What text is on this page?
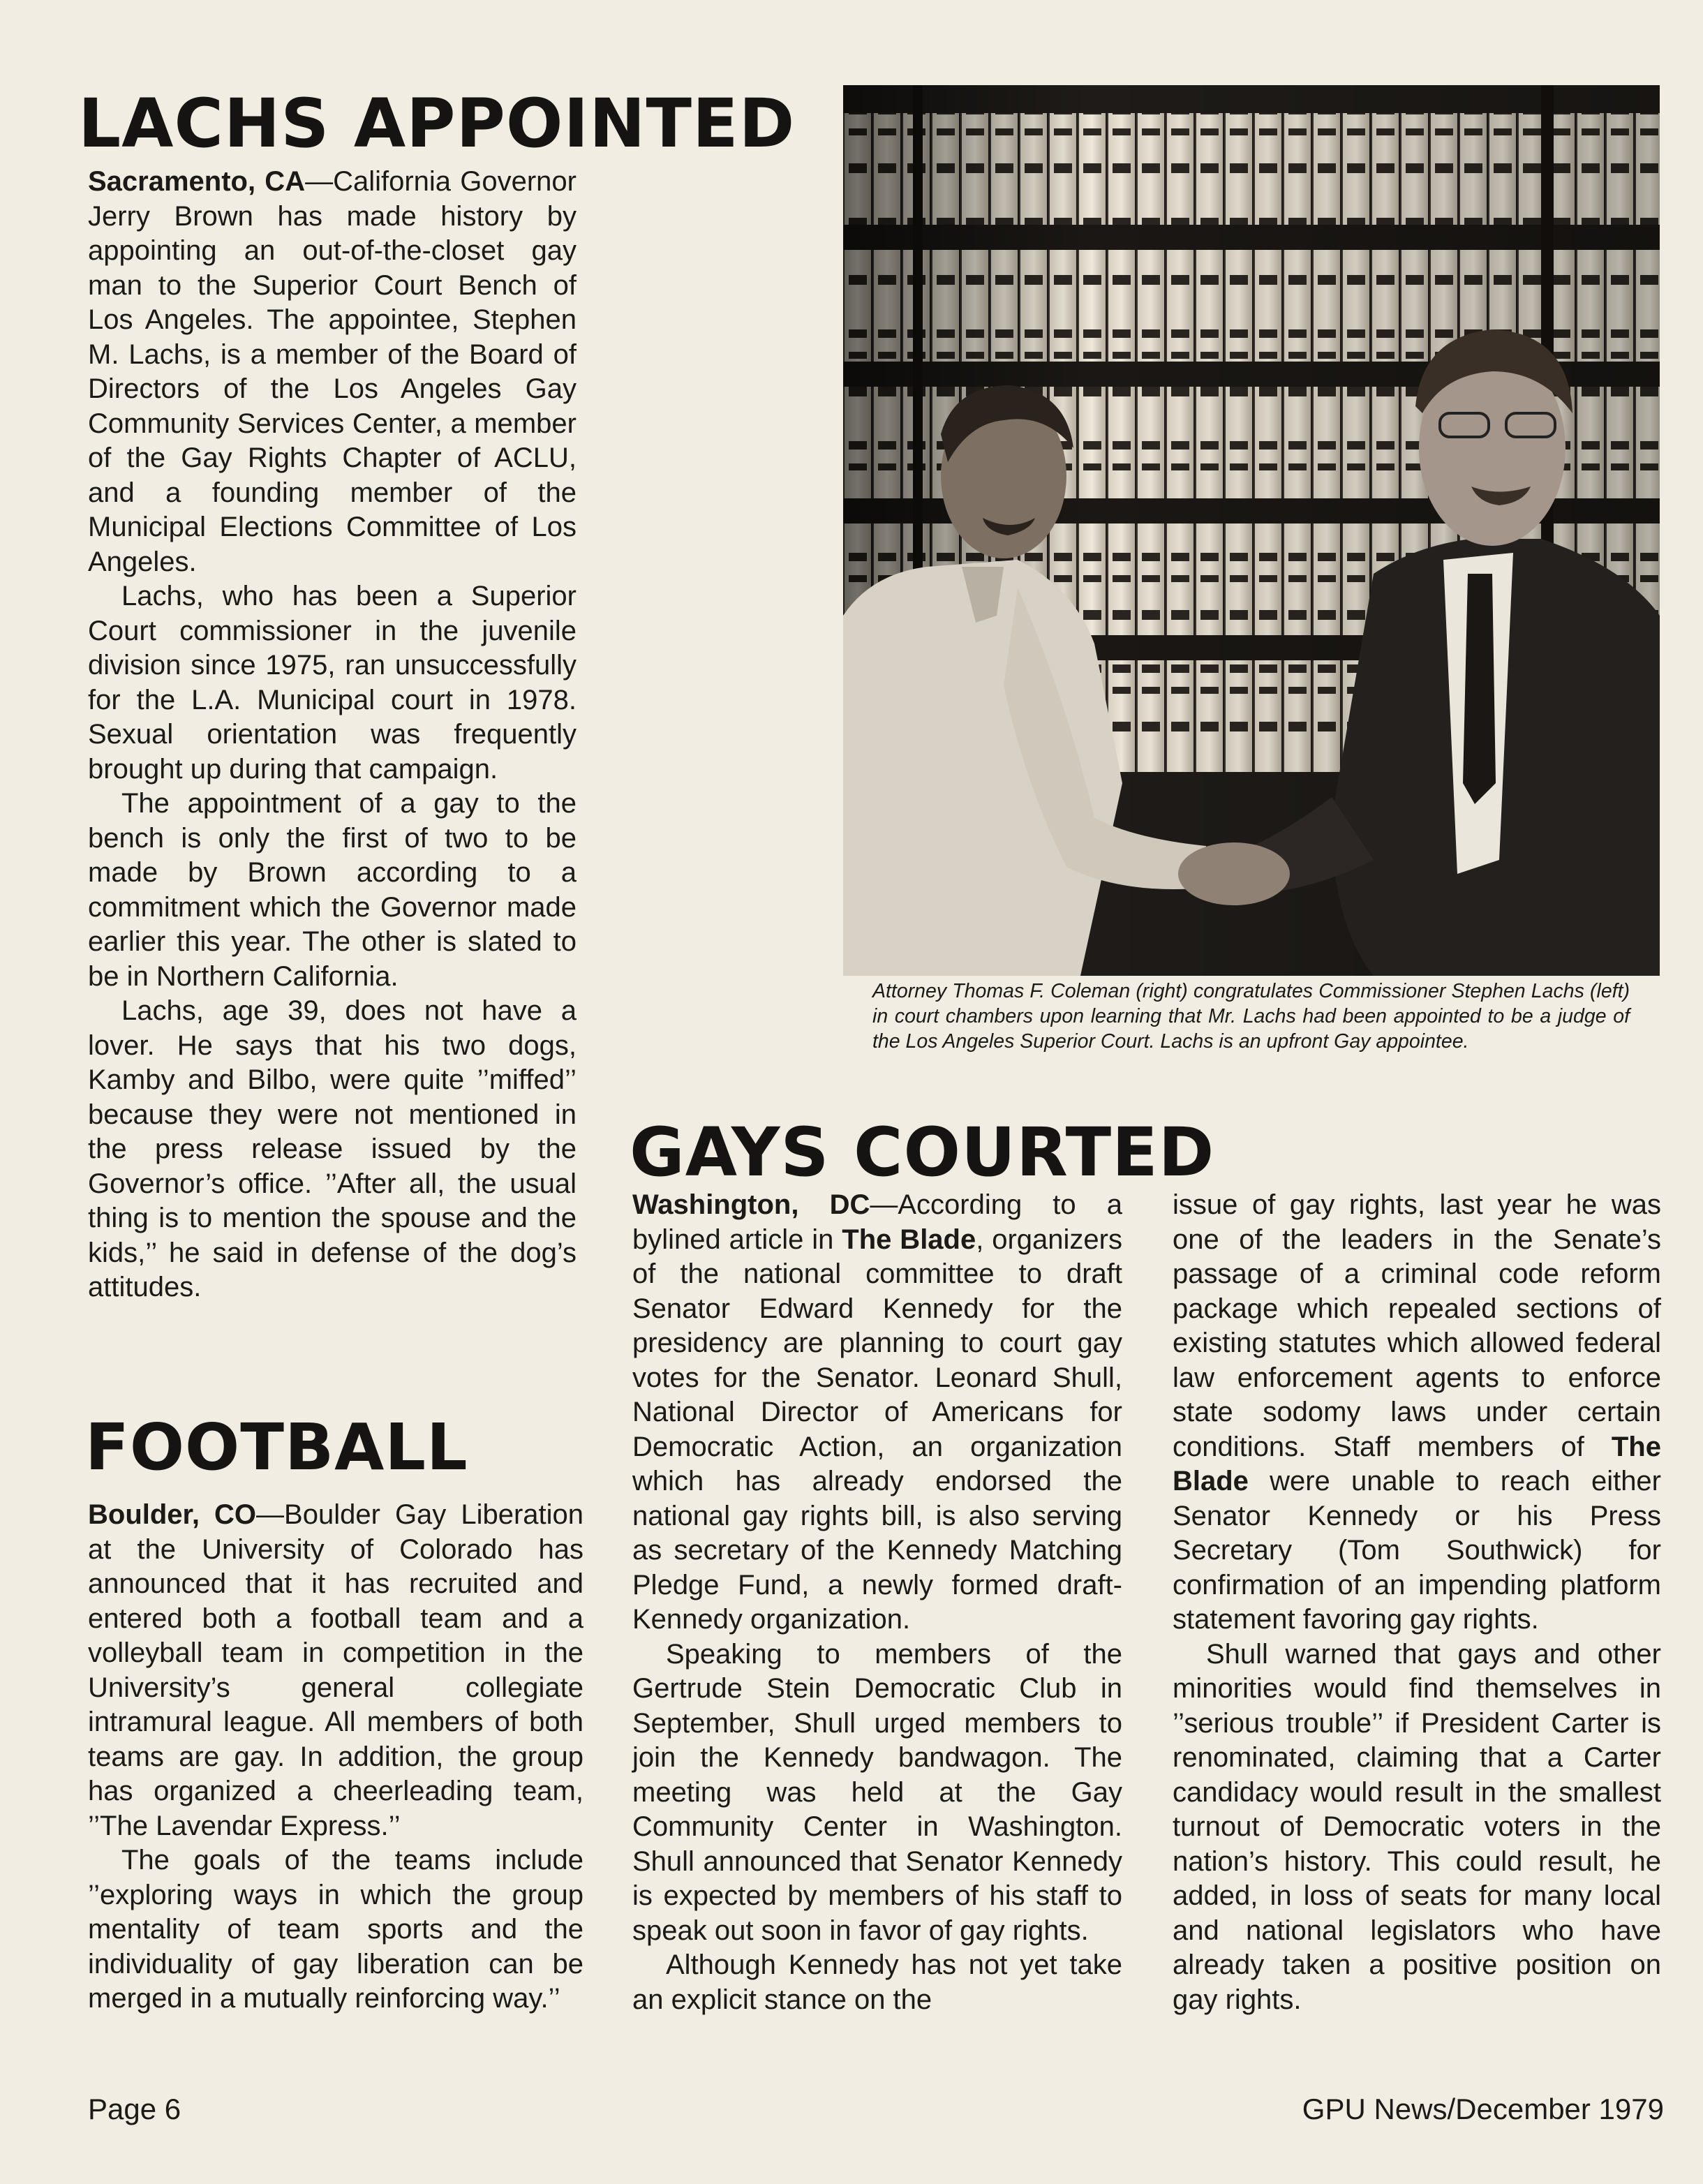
LACHS APPOINTED

Sacramento, CA—California Governor Jerry Brown has made history by appointing an out-of-the-closet gay man to the Superior Court Bench of Los Angeles. The appointee, Stephen M. Lachs, is a member of the Board of Directors of the Los Angeles Gay Community Services Center, a member of the Gay Rights Chapter of ACLU, and a founding member of the Municipal Elections Committee of Los Angeles.

Lachs, who has been a Superior Court commissioner in the juvenile division since 1975, ran unsuccessfully for the L.A. Municipal court in 1978. Sexual orientation was frequently brought up during that campaign.

The appointment of a gay to the bench is only the first of two to be made by Brown according to a commitment which the Governor made earlier this year. The other is slated to be in Northern California.

Lachs, age 39, does not have a lover. He says that his two dogs, Kamby and Bilbo, were quite ’’miffed’’ because they were not mentioned in the press release issued by the Governor’s office. ’’After all, the usual thing is to mention the spouse and the kids,’’ he said in defense of the dog’s attitudes.

FOOTBALL

Boulder, CO—Boulder Gay Liberation at the University of Colorado has announced that it has recruited and entered both a football team and a volleyball team in competition in the University’s general collegiate intramural league. All members of both teams are gay. In addition, the group has organized a cheerleading team, ’’The Lavendar Express.’’

The goals of the teams include ’’exploring ways in which the group mentality of team sports and the individuality of gay liberation can be merged in a mutually reinforcing way.’’

Attorney Thomas F. Coleman (right) congratulates Commissioner Stephen Lachs (left) in court chambers upon learning that Mr. Lachs had been appointed to be a judge of the Los Angeles Superior Court. Lachs is an upfront Gay appointee.
GAYS COURTED

Washington, DC—According to a bylined article in The Blade, organizers of the national committee to draft Senator Edward Kennedy for the presidency are planning to court gay votes for the Senator. Leonard Shull, National Director of Americans for Democratic Action, an organization which has already endorsed the national gay rights bill, is also serving as secretary of the Kennedy Matching Pledge Fund, a newly formed draft-Kennedy organization.

Speaking to members of the Gertrude Stein Democratic Club in September, Shull urged members to join the Kennedy bandwagon. The meeting was held at the Gay Community Center in Washington. Shull announced that Senator Kennedy is expected by members of his staff to speak out soon in favor of gay rights.

Although Kennedy has not yet take an explicit stance on the

issue of gay rights, last year he was one of the leaders in the Senate’s passage of a criminal code reform package which repealed sections of existing statutes which allowed federal law enforcement agents to enforce state sodomy laws under certain conditions. Staff members of The Blade were unable to reach either Senator Kennedy or his Press Secretary (Tom Southwick) for confirmation of an impending platform statement favoring gay rights.

Shull warned that gays and other minorities would find themselves in ’’serious trouble’’ if President Carter is renominated, claiming that a Carter candidacy would result in the smallest turnout of Democratic voters in the nation’s history. This could result, he added, in loss of seats for many local and national legislators who have already taken a positive position on gay rights.

Page 6	GPU News/December 1979
